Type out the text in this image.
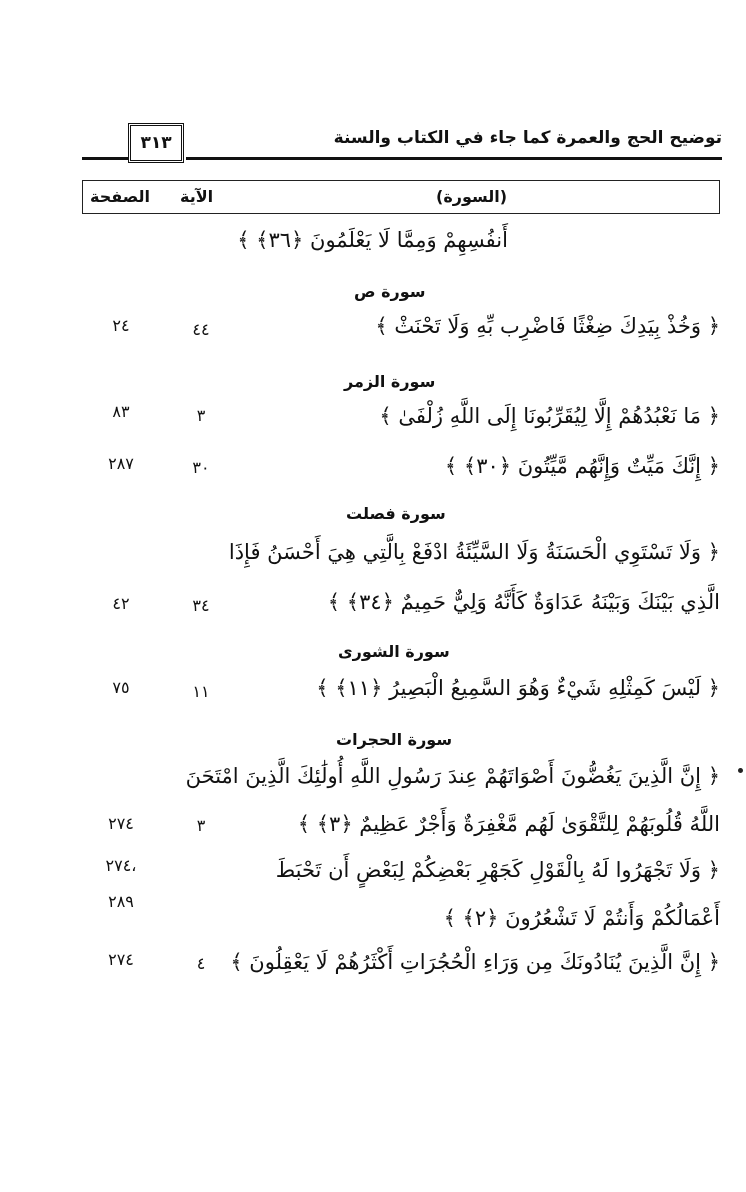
توضيح الحج والعمرة كما جاء في الكتاب والسنة
٣١٣
(السورة)
الآية
الصفحة
أَنفُسِهِمْ وَمِمَّا لَا يَعْلَمُونَ ﴿٣٦﴾ ﴾
سورة ص
﴿ وَخُذْ بِيَدِكَ ضِغْثًا فَاضْرِب بِّهِ وَلَا تَحْنَثْ ﴾
٤٤
٢٤
سورة الزمر
﴿ مَا نَعْبُدُهُمْ إِلَّا لِيُقَرِّبُونَا إِلَى اللَّهِ زُلْفَىٰ ﴾
٣
٨٣
﴿ إِنَّكَ مَيِّتٌ وَإِنَّهُم مَّيِّتُونَ ﴿٣٠﴾ ﴾
٣٠
٢٨٧
سورة فصلت
﴿ وَلَا تَسْتَوِي الْحَسَنَةُ وَلَا السَّيِّئَةُ ادْفَعْ بِالَّتِي هِيَ أَحْسَنُ فَإِذَا
الَّذِي بَيْنَكَ وَبَيْنَهُ عَدَاوَةٌ كَأَنَّهُ وَلِيٌّ حَمِيمٌ ﴿٣٤﴾ ﴾
٣٤
٤٢
سورة الشورى
﴿ لَيْسَ كَمِثْلِهِ شَيْءٌ وَهُوَ السَّمِيعُ الْبَصِيرُ ﴿١١﴾ ﴾
١١
٧٥
سورة الحجرات
﴿ إِنَّ الَّذِينَ يَغُضُّونَ أَصْوَاتَهُمْ عِندَ رَسُولِ اللَّهِ أُولَٰئِكَ الَّذِينَ امْتَحَنَ
اللَّهُ قُلُوبَهُمْ لِلتَّقْوَىٰ لَهُم مَّغْفِرَةٌ وَأَجْرٌ عَظِيمٌ ﴿٣﴾ ﴾
٣
٢٧٤
﴿ وَلَا تَجْهَرُوا لَهُ بِالْقَوْلِ كَجَهْرِ بَعْضِكُمْ لِبَعْضٍ أَن تَحْبَطَ
،٢٧٤
أَعْمَالُكُمْ وَأَنتُمْ لَا تَشْعُرُونَ ﴿٢﴾ ﴾
٢٨٩
﴿ إِنَّ الَّذِينَ يُنَادُونَكَ مِن وَرَاءِ الْحُجُرَاتِ أَكْثَرُهُمْ لَا يَعْقِلُونَ ﴾
٤
٢٧٤
